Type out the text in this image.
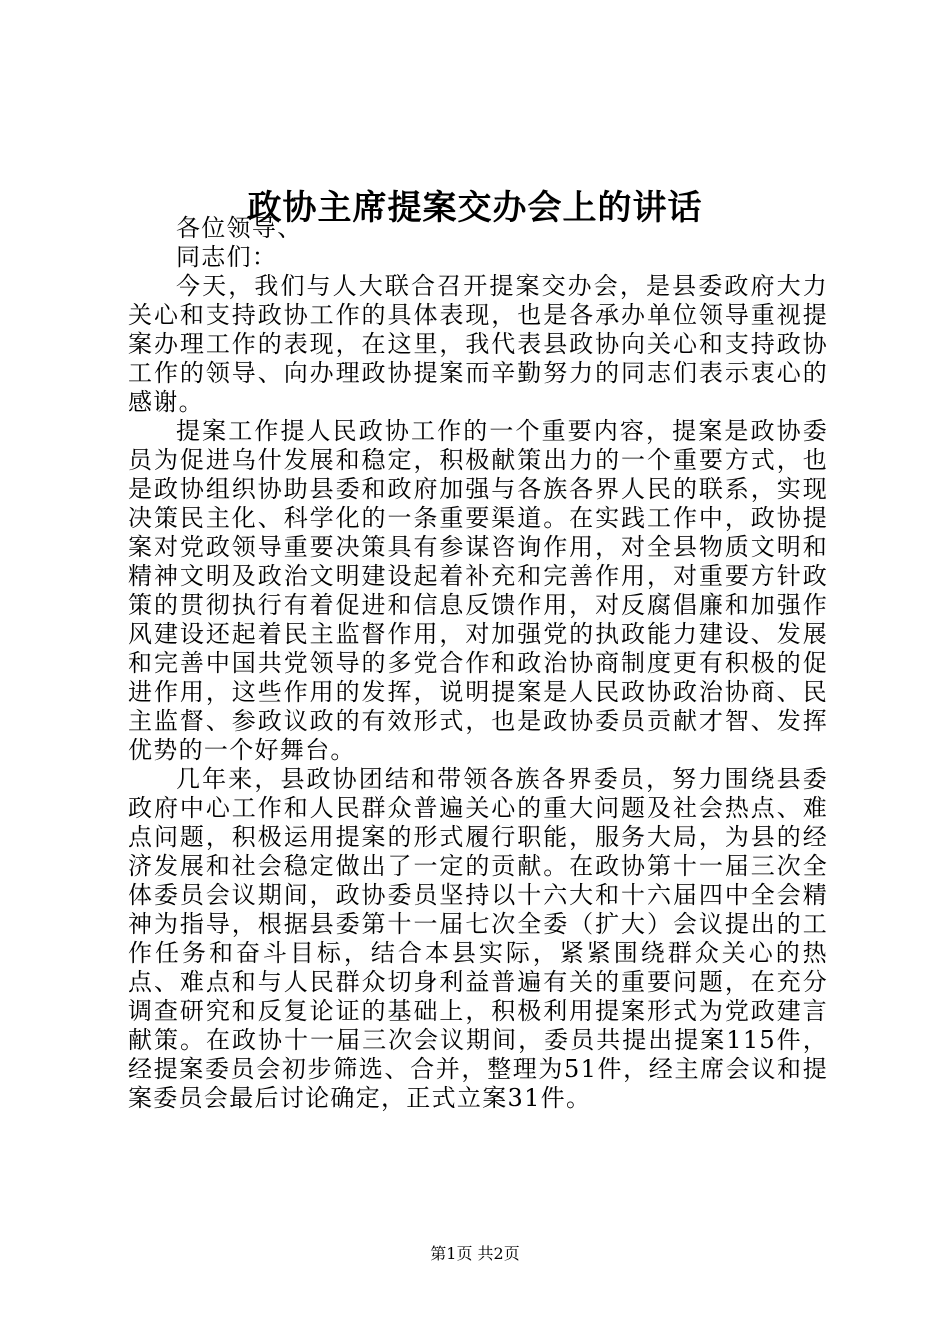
政协主席提案交办会上的讲话

各位领导、

同志们：

今天，我们与人大联合召开提案交办会，是县委政府大力关心和支持政协工作的具体表现，也是各承办单位领导重视提案办理工作的表现，在这里，我代表县政协向关心和支持政协工作的领导、向办理政协提案而辛勤努力的同志们表示衷心的感谢。

提案工作提人民政协工作的一个重要内容，提案是政协委员为促进乌什发展和稳定，积极献策出力的一个重要方式，也是政协组织协助县委和政府加强与各族各界人民的联系，实现决策民主化、科学化的一条重要渠道。在实践工作中，政协提案对党政领导重要决策具有参谋咨询作用，对全县物质文明和精神文明及政治文明建设起着补充和完善作用，对重要方针政策的贯彻执行有着促进和信息反馈作用，对反腐倡廉和加强作风建设还起着民主监督作用，对加强党的执政能力建设、发展和完善中国共党领导的多党合作和政治协商制度更有积极的促进作用，这些作用的发挥，说明提案是人民政协政治协商、民主监督、参政议政的有效形式，也是政协委员贡献才智、发挥优势的一个好舞台。

几年来，县政协团结和带领各族各界委员，努力围绕县委政府中心工作和人民群众普遍关心的重大问题及社会热点、难点问题，积极运用提案的形式履行职能，服务大局，为县的经济发展和社会稳定做出了一定的贡献。在政协第十一届三次全体委员会议期间，政协委员坚持以十六大和十六届四中全会精神为指导，根据县委第十一届七次全委（扩大）会议提出的工作任务和奋斗目标，结合本县实际，紧紧围绕群众关心的热点、难点和与人民群众切身利益普遍有关的重要问题，在充分调查研究和反复论证的基础上，积极利用提案形式为党政建言献策。在政协十一届三次会议期间，委员共提出提案115件，经提案委员会初步筛选、合并，整理为51件，经主席会议和提案委员会最后讨论确定，正式立案31件。

第1页 共2页
